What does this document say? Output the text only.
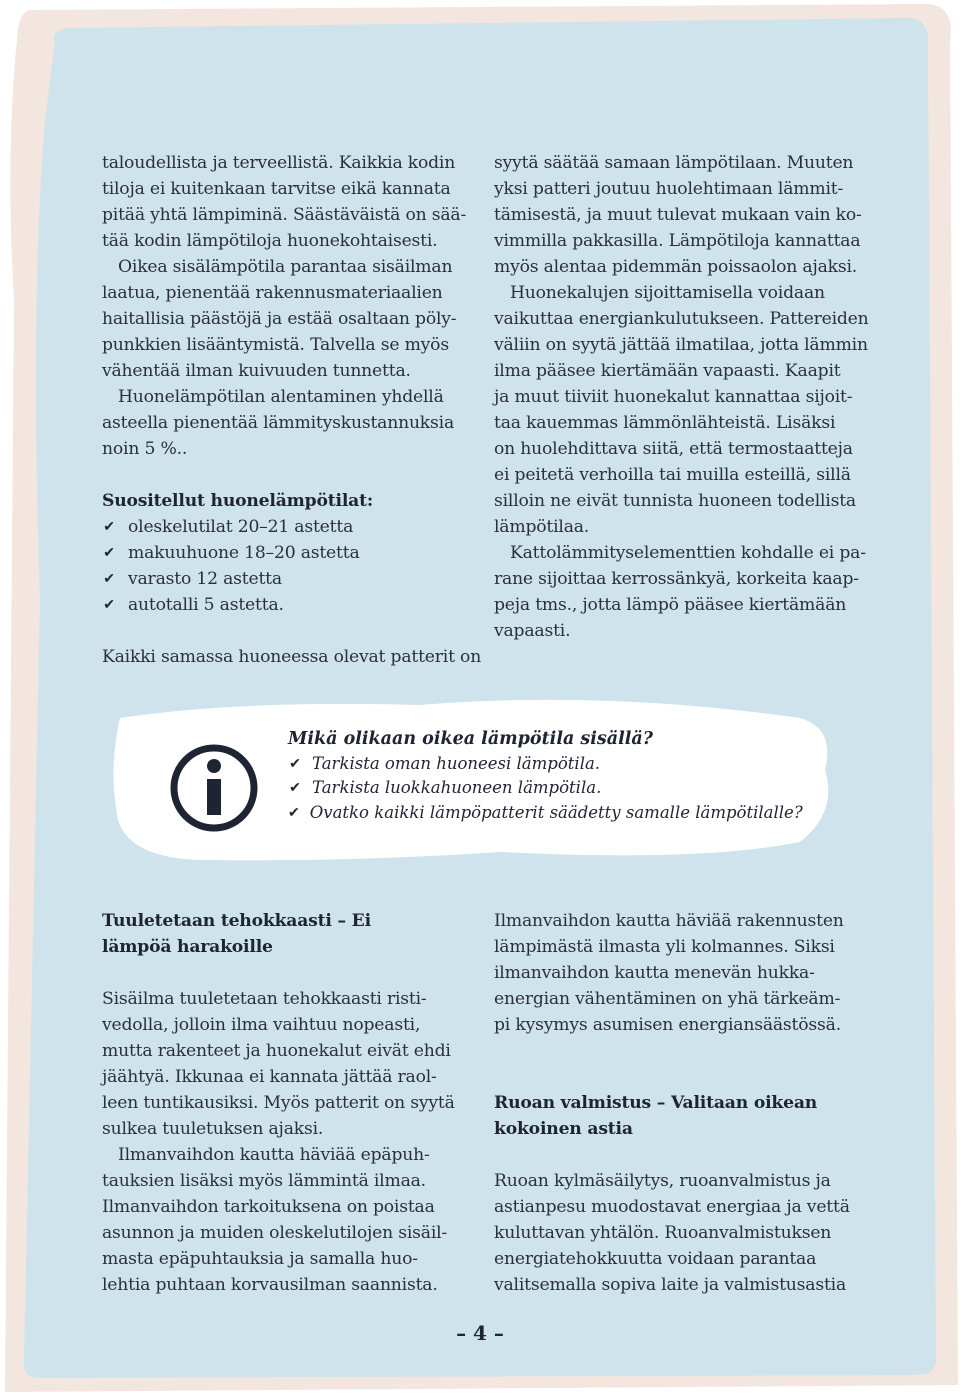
taloudellista ja terveellistä. Kaikkia kodin

tiloja ei kuitenkaan tarvitse eikä kannata

pitää yhtä lämpiminä. Säästäväistä on sää-

tää kodin lämpötiloja huonekohtaisesti.

Oikea sisälämpötila parantaa sisäilman

laatua, pienentää rakennusmateriaalien

haitallisia päästöjä ja estää osaltaan pöly-

punkkien lisääntymistä. Talvella se myös

vähentää ilman kuivuuden tunnetta.

Huonelämpötilan alentaminen yhdellä

asteella pienentää lämmityskustannuksia

noin 5 %..

Suositellut huonelämpötilat:

✔ oleskelutilat 20–21 astetta
✔ makuuhuone 18–20 astetta
✔ varasto 12 astetta
✔ autotalli 5 astetta.

Kaikki samassa huoneessa olevat patterit on

syytä säätää samaan lämpötilaan. Muuten

yksi patteri joutuu huolehtimaan lämmit-

tämisestä, ja muut tulevat mukaan vain ko-

vimmilla pakkasilla. Lämpötiloja kannattaa

myös alentaa pidemmän poissaolon ajaksi.

Huonekalujen sijoittamisella voidaan

vaikuttaa energiankulutukseen. Pattereiden

väliin on syytä jättää ilmatilaa, jotta lämmin

ilma pääsee kiertämään vapaasti. Kaapit

ja muut tiiviit huonekalut kannattaa sijoit-

taa kauemmas lämmönlähteistä. Lisäksi

on huolehdittava siitä, että termostaatteja

ei peitetä verhoilla tai muilla esteillä, sillä

silloin ne eivät tunnista huoneen todellista

lämpötilaa.

Kattolämmityselementtien kohdalle ei pa-

rane sijoittaa kerrossänkyä, korkeita kaap-

peja tms., jotta lämpö pääsee kiertämään

vapaasti.

Mikä olikaan oikea lämpötila sisällä?
✔ Tarkista oman huoneesi lämpötila.
✔ Tarkista luokkahuoneen lämpötila.
✔ Ovatko kaikki lämpöpatterit säädetty samalle lämpötilalle?

Tuuletetaan tehokkaasti – Ei

lämpöä harakoille

Sisäilma tuuletetaan tehokkaasti risti-

vedolla, jolloin ilma vaihtuu nopeasti,

mutta rakenteet ja huonekalut eivät ehdi

jäähtyä. Ikkunaa ei kannata jättää raol-

leen tuntikausiksi. Myös patterit on syytä

sulkea tuuletuksen ajaksi.

Ilmanvaihdon kautta häviää epäpuh-

tauksien lisäksi myös lämmintä ilmaa.

Ilmanvaihdon tarkoituksena on poistaa

asunnon ja muiden oleskelutilojen sisäil-

masta epäpuhtauksia ja samalla huo-

lehtia puhtaan korvausilman saannista.

Ilmanvaihdon kautta häviää rakennusten

lämpimästä ilmasta yli kolmannes. Siksi

ilmanvaihdon kautta menevän hukka-

energian vähentäminen on yhä tärkeäm-

pi kysymys asumisen energiansäästössä.

Ruoan valmistus – Valitaan oikean

kokoinen astia

Ruoan kylmäsäilytys, ruoanvalmistus ja

astianpesu muodostavat energiaa ja vettä

kuluttavan yhtälön. Ruoanvalmistuksen

energiatehokkuutta voidaan parantaa

valitsemalla sopiva laite ja valmistusastia

– 4 –
